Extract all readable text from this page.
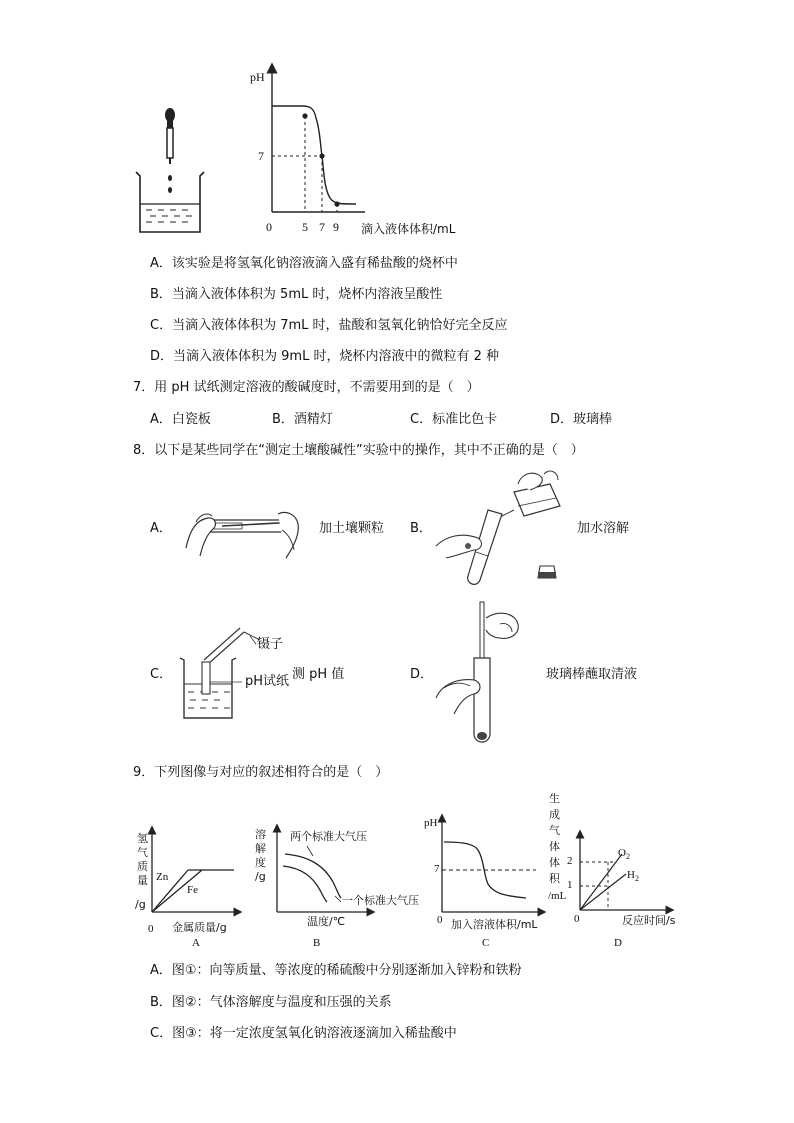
pH
7
0	5 7 9 滴入液体体积/mL
A．该实验是将氢氧化钠溶液滴入盛有稀盐酸的烧杯中
B．当滴入液体体积为 5mL 时，烧杯内溶液呈酸性
C．当滴入液体体积为 7mL 时，盐酸和氢氧化钠恰好完全反应
D．当滴入液体体积为 9mL 时，烧杯内溶液中的微粒有 2 种
7．用 pH 试纸测定溶液的酸碱度时，不需要用到的是（　）
A．白瓷板	B．酒精灯	C．标准比色卡	D．玻璃棒
8．以下是某些同学在“测定土壤酸碱性”实验中的操作，其中不正确的是（　）
A．	加土壤颗粒 B．	加水溶解
C．
镊子
测 pH 值
pH试纸	D．	玻璃棒蘸取清液
9．下列图像与对应的叙述相符合的是（　）
氢
气
质
量
/g
Zn
Fe
0 金属质量/g
A
溶
解
度
/g
两个标准大气压
一个标准大气压
温度/℃
B
pH
7
0 加入溶液体积/mL
C
生
成
气
体
体
积
/mL
2
1
0
$O_2$
$H_2$
反应时间/s
D
A．图①：向等质量、等浓度的稀硫酸中分别逐渐加入锌粉和铁粉
B．图②：气体溶解度与温度和压强的关系
C．图③：将一定浓度氢氧化钠溶液逐滴加入稀盐酸中
